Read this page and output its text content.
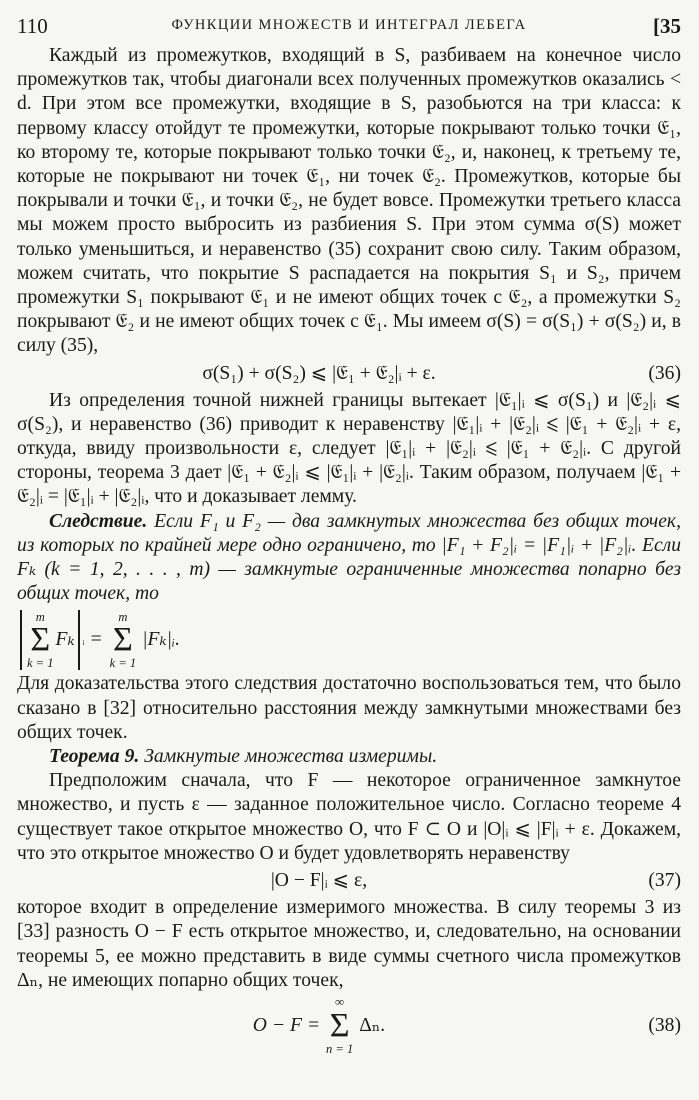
110	ФУНКЦИИ МНОЖЕСТВ И ИНТЕГРАЛ ЛЕБЕГА	[35

Каждый из промежутков, входящий в S, разбиваем на конечное число промежутков так, чтобы диагонали всех полученных промежутков оказались < d. При этом все промежутки, входящие в S, разобьются на три класса: к первому классу отойдут те промежутки, которые покрывают только точки 𝔈₁, ко второму те, которые покрывают только точки 𝔈₂, и, наконец, к третьему те, которые не покрывают ни точек 𝔈₁, ни точек 𝔈₂. Промежутков, которые бы покрывали и точки 𝔈₁, и точки 𝔈₂, не будет вовсе. Промежутки третьего класса мы можем просто выбросить из разбиения S. При этом сумма σ(S) может только уменьшиться, и неравенство (35) сохранит свою силу. Таким образом, можем считать, что покрытие S распадается на покрытия S₁ и S₂, причем промежутки S₁ покрывают 𝔈₁ и не имеют общих точек с 𝔈₂, а промежутки S₂ покрывают 𝔈₂ и не имеют общих точек с 𝔈₁. Мы имеем σ(S) = σ(S₁) + σ(S₂) и, в силу (35),

σ(S₁) + σ(S₂) ⩽ |𝔈₁ + 𝔈₂|ᵢ + ε.	(36)

Из определения точной нижней границы вытекает |𝔈₁|ᵢ ⩽ σ(S₁) и |𝔈₂|ᵢ ⩽ σ(S₂), и неравенство (36) приводит к неравенству |𝔈₁|ᵢ + |𝔈₂|ᵢ ⩽ |𝔈₁ + 𝔈₂|ᵢ + ε, откуда, ввиду произвольности ε, следует |𝔈₁|ᵢ + |𝔈₂|ᵢ ⩽ |𝔈₁ + 𝔈₂|ᵢ. С другой стороны, теорема 3 дает |𝔈₁ + 𝔈₂|ᵢ ⩽ |𝔈₁|ᵢ + |𝔈₂|ᵢ. Таким образом, получаем |𝔈₁ + 𝔈₂|ᵢ = |𝔈₁|ᵢ + |𝔈₂|ᵢ, что и доказывает лемму.

Следствие. Если F₁ и F₂ — два замкнутых множества без общих точек, из которых по крайней мере одно ограничено, то |F₁ + F₂|ᵢ = |F₁|ᵢ + |F₂|ᵢ. Если Fₖ (k = 1, 2, . . . , m) — замкнутые ограниченные множества попарно без общих точек, то

m
Σ
k = 1
Fₖ ᵢ =
m
Σ
k = 1
|Fₖ|ᵢ.

Для доказательства этого следствия достаточно воспользоваться тем, что было сказано в [32] относительно расстояния между замкнутыми множествами без общих точек.

Теорема 9. Замкнутые множества измеримы.

Предположим сначала, что F — некоторое ограниченное замкнутое множество, и пусть ε — заданное положительное число. Согласно теореме 4 существует такое открытое множество O, что F ⊂ O и |O|ᵢ ⩽ |F|ᵢ + ε. Докажем, что это открытое множество O и будет удовлетворять неравенству

|O − F|ᵢ ⩽ ε,	(37)

которое входит в определение измеримого множества. В силу теоремы 3 из [33] разность O − F есть открытое множество, и, следовательно, на основании теоремы 5, ее можно представить в виде суммы счетного числа промежутков Δₙ, не имеющих попарно общих точек,

O − F =
∞
Σ
n = 1
Δₙ.	(38)
